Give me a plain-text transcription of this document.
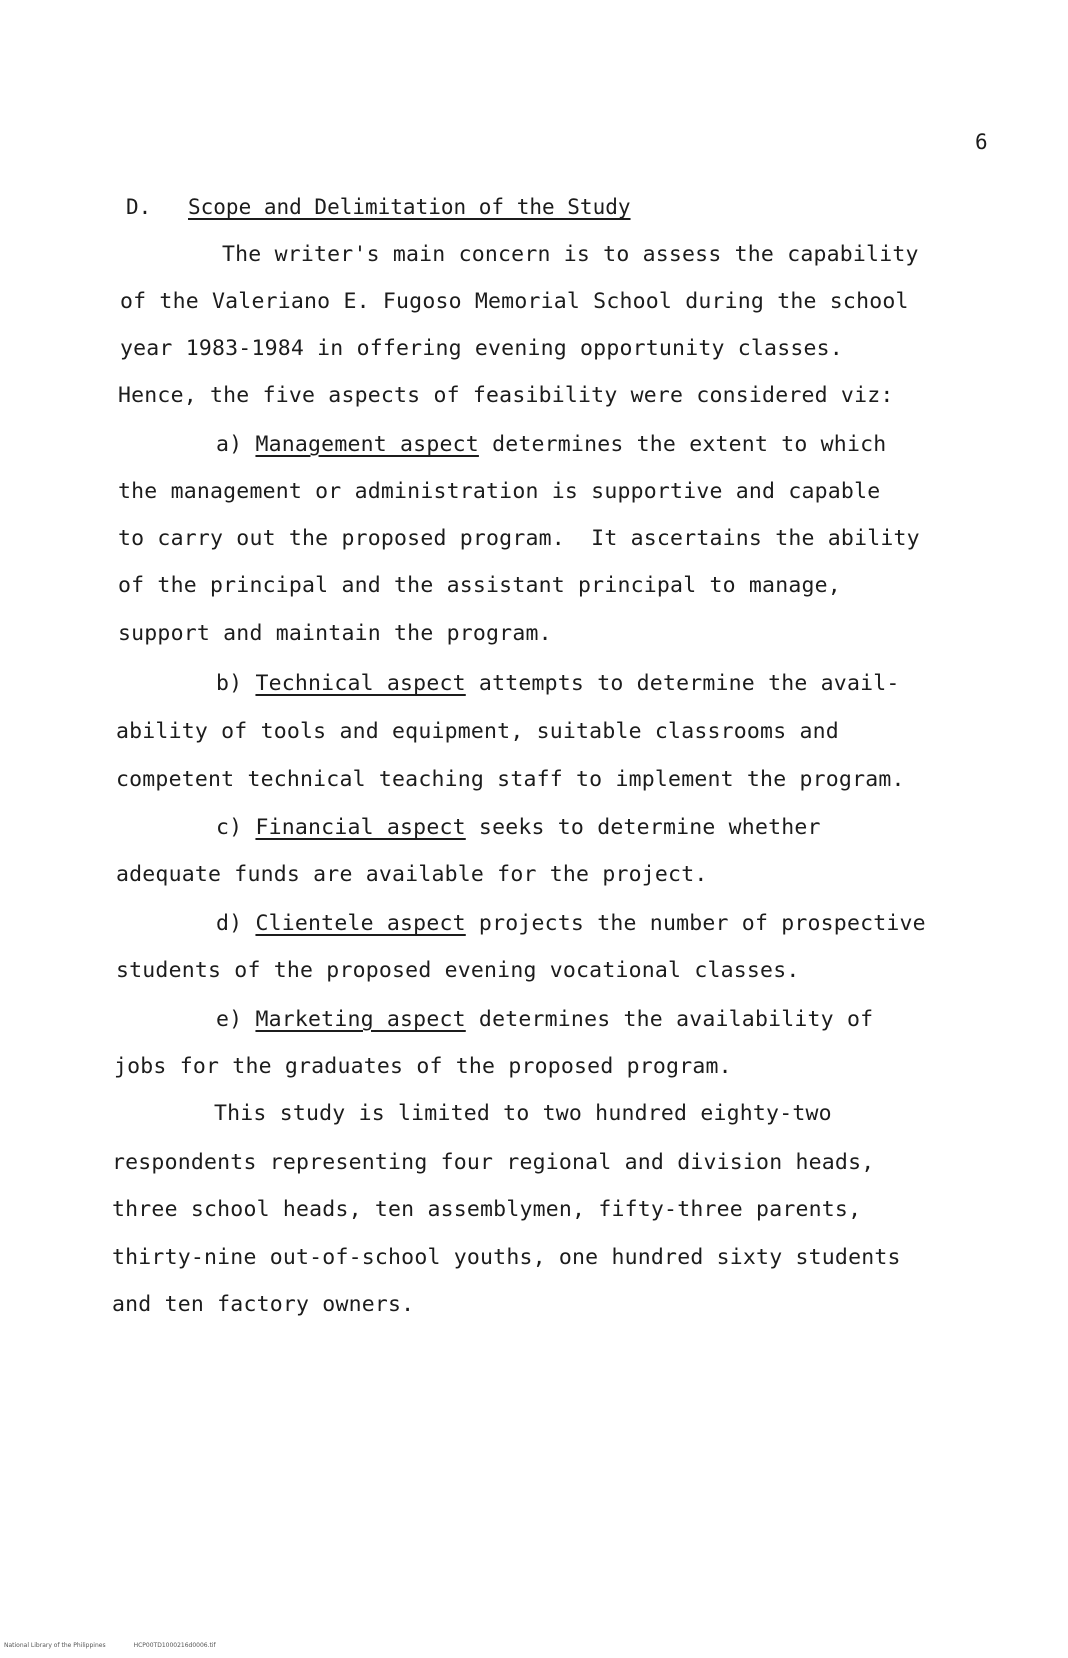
6
D. Scope and Delimitation of the Study
The writer's main concern is to assess the capability
of the Valeriano E. Fugoso Memorial School during the school
year 1983-1984 in offering evening opportunity classes.
Hence, the five aspects of feasibility were considered viz:
a) Management aspect determines the extent to which
the management or administration is supportive and capable
to carry out the proposed program.  It ascertains the ability
of the principal and the assistant principal to manage,
support and maintain the program.
b) Technical aspect attempts to determine the avail-
ability of tools and equipment, suitable classrooms and
competent technical teaching staff to implement the program.
c) Financial aspect seeks to determine whether
adequate funds are available for the project.
d) Clientele aspect projects the number of prospective
students of the proposed evening vocational classes.
e) Marketing aspect determines the availability of
jobs for the graduates of the proposed program.
This study is limited to two hundred eighty-two
respondents representing four regional and division heads,
three school heads, ten assemblymen, fifty-three parents,
thirty-nine out-of-school youths, one hundred sixty students
and ten factory owners.
National Library of the Philippines	HCP00TD1000216d0006.tif
